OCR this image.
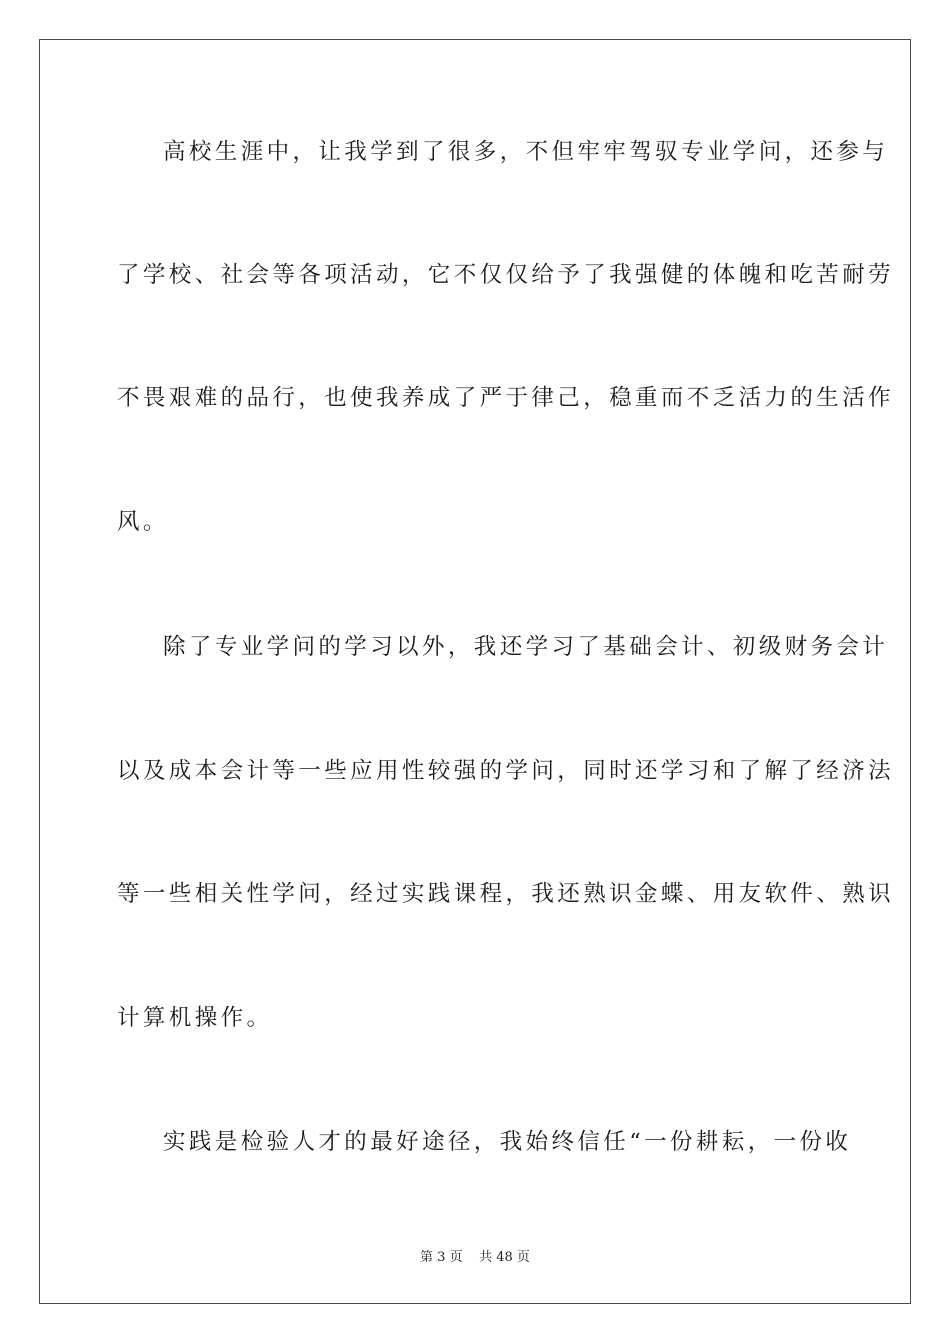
高校生涯中，让我学到了很多，不但牢牢驾驭专业学问，还参与
了学校、社会等各项活动，它不仅仅给予了我强健的体魄和吃苦耐劳
不畏艰难的品行，也使我养成了严于律己，稳重而不乏活力的生活作
风。
除了专业学问的学习以外，我还学习了基础会计、初级财务会计
以及成本会计等一些应用性较强的学问，同时还学习和了解了经济法
等一些相关性学问，经过实践课程，我还熟识金蝶、用友软件、熟识
计算机操作。
实践是检验人才的最好途径，我始终信任“一份耕耘，一份收
第 3 页 共 48 页
